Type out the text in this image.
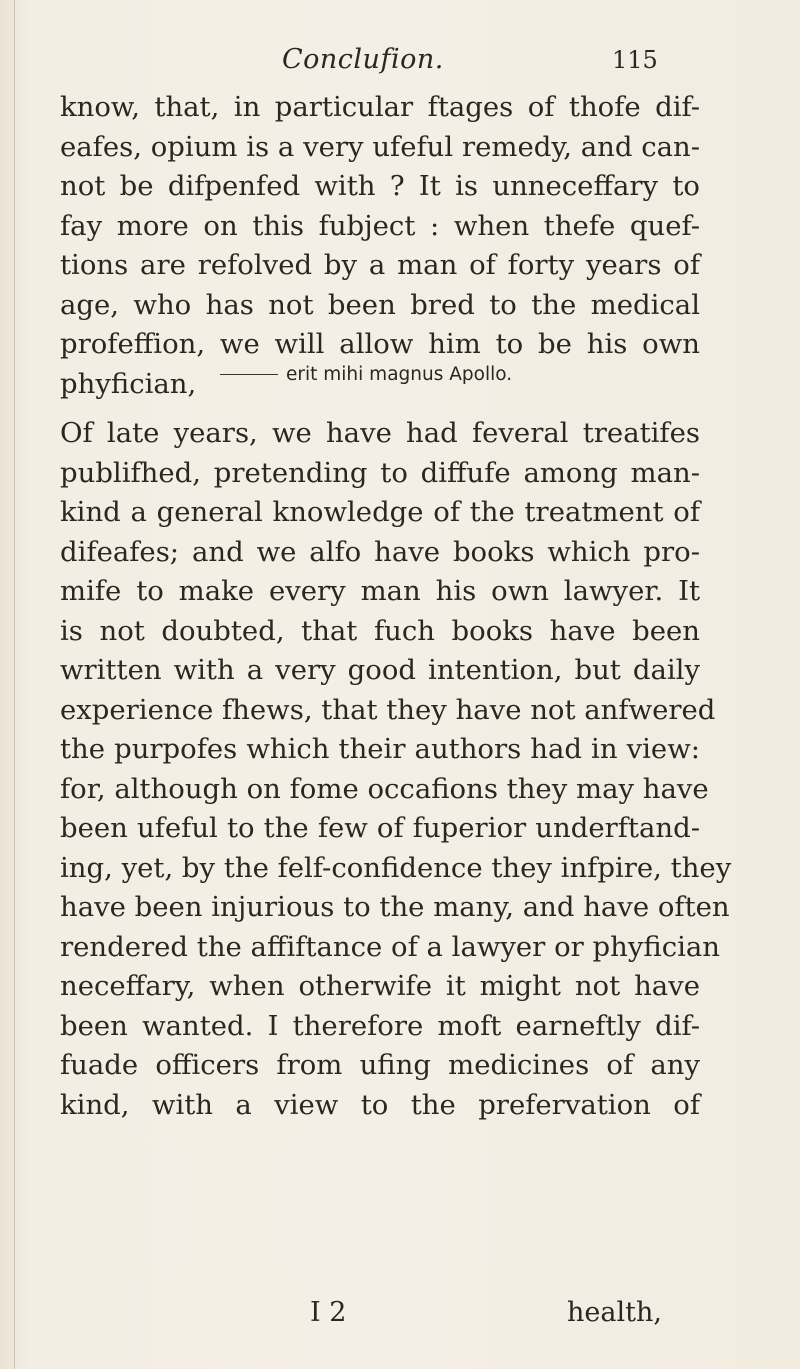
Conclufion.	115
know, that, in particular ftages of thofe dif-
eafes, opium is a very ufeful remedy, and can-
not be difpenfed with ? It is unneceffary to
fay more on this fubject : when thefe quef-
tions are refolved by a man of forty years of
age, who has not been bred to the medical
profeffion, we will allow him to be his own
phyfician,	erit mihi magnus Apollo.
Of late years, we have had feveral treatifes
publifhed, pretending to diffufe among man-
kind a general knowledge of the treatment of
difeafes; and we alfo have books which pro-
mife to make every man his own lawyer. It
is not doubted, that fuch books have been
written with a very good intention, but daily
experience fhews, that they have not anfwered
the purpofes which their authors had in view:
for, although on fome occafions they may have
been ufeful to the few of fuperior underftand-
ing, yet, by the felf-confidence they infpire, they
have been injurious to the many, and have often
rendered the affiftance of a lawyer or phyfician
neceffary, when otherwife it might not have
been wanted. I therefore moft earneftly dif-
fuade officers from ufing medicines of any
kind, with a view to the prefervation of
I 2	health,
